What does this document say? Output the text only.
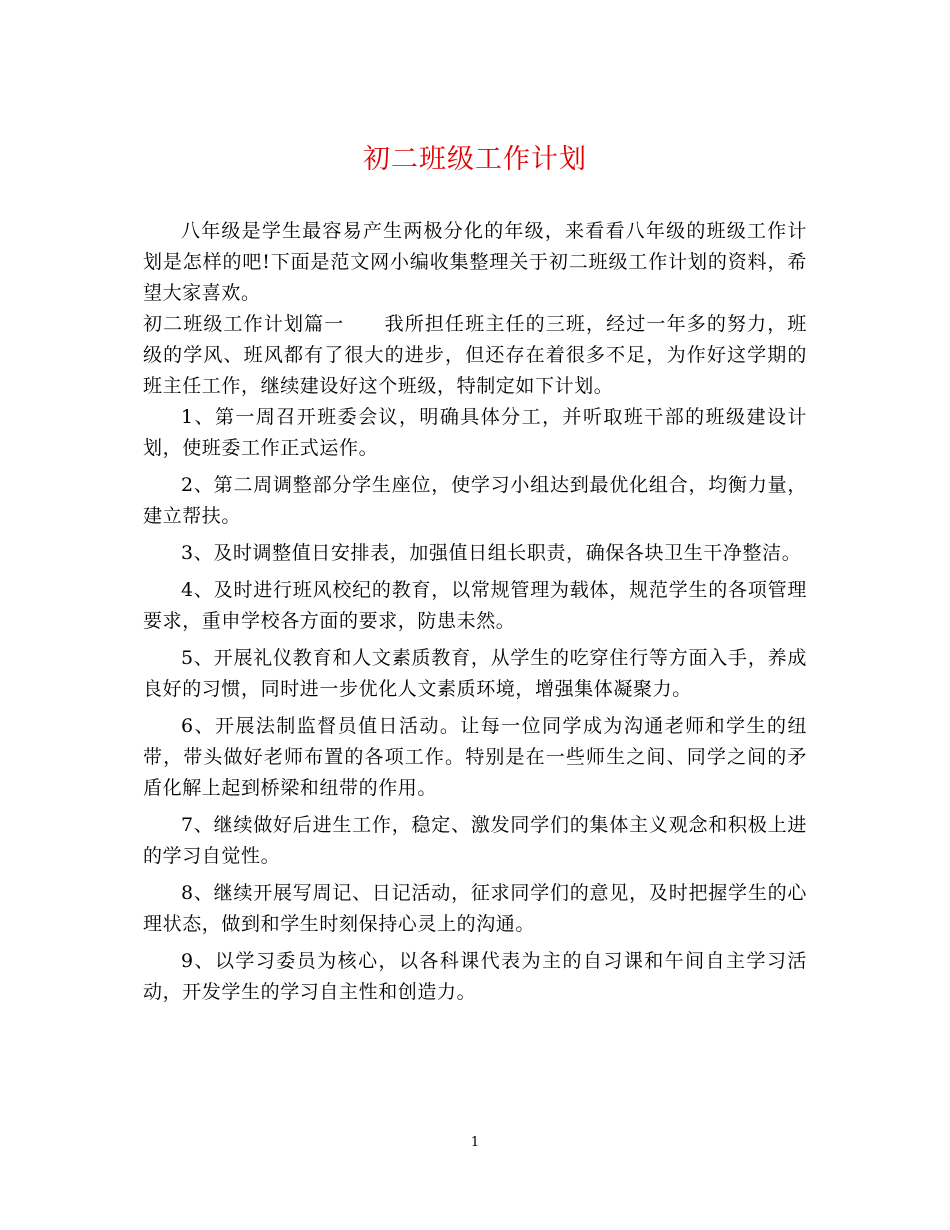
初二班级工作计划

八年级是学生最容易产生两极分化的年级，来看看八年级的班级工作计划是怎样的吧!下面是范文网小编收集整理关于初二班级工作计划的资料，希望大家喜欢。

初二班级工作计划篇一　　我所担任班主任的三班，经过一年多的努力，班级的学风、班风都有了很大的进步，但还存在着很多不足，为作好这学期的班主任工作，继续建设好这个班级，特制定如下计划。

1、第一周召开班委会议，明确具体分工，并听取班干部的班级建设计划，使班委工作正式运作。

2、第二周调整部分学生座位，使学习小组达到最优化组合，均衡力量，建立帮扶。

3、及时调整值日安排表，加强值日组长职责，确保各块卫生干净整洁。

4、及时进行班风校纪的教育，以常规管理为载体，规范学生的各项管理要求，重申学校各方面的要求，防患未然。

5、开展礼仪教育和人文素质教育，从学生的吃穿住行等方面入手，养成良好的习惯，同时进一步优化人文素质环境，增强集体凝聚力。

6、开展法制监督员值日活动。让每一位同学成为沟通老师和学生的纽带，带头做好老师布置的各项工作。特别是在一些师生之间、同学之间的矛盾化解上起到桥梁和纽带的作用。

7、继续做好后进生工作，稳定、激发同学们的集体主义观念和积极上进的学习自觉性。

8、继续开展写周记、日记活动，征求同学们的意见，及时把握学生的心理状态，做到和学生时刻保持心灵上的沟通。

9、以学习委员为核心，以各科课代表为主的自习课和午间自主学习活动，开发学生的学习自主性和创造力。

1
